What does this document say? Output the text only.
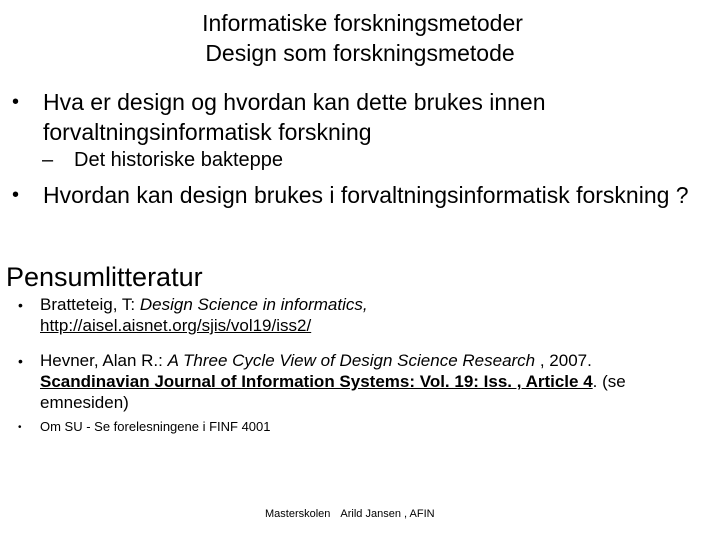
Informatiske forskningsmetoder
Design som forskningsmetode
• Hva er design og hvordan kan dette brukes innen forvaltningsinformatisk forskning
– Det historiske bakteppe
• Hvordan kan design brukes i forvaltningsinformatisk forskning ?
Pensumlitteratur
• Bratteteig, T: Design Science in informatics,
http://aisel.aisnet.org/sjis/vol19/iss2/
• Hevner, Alan R.: A Three Cycle View of Design Science Research , 2007. Scandinavian Journal of Information Systems: Vol. 19: Iss. , Article 4. (se emnesiden)
• Om SU - Se forelesningene i FINF 4001
Masterskolen Arild Jansen , AFIN
